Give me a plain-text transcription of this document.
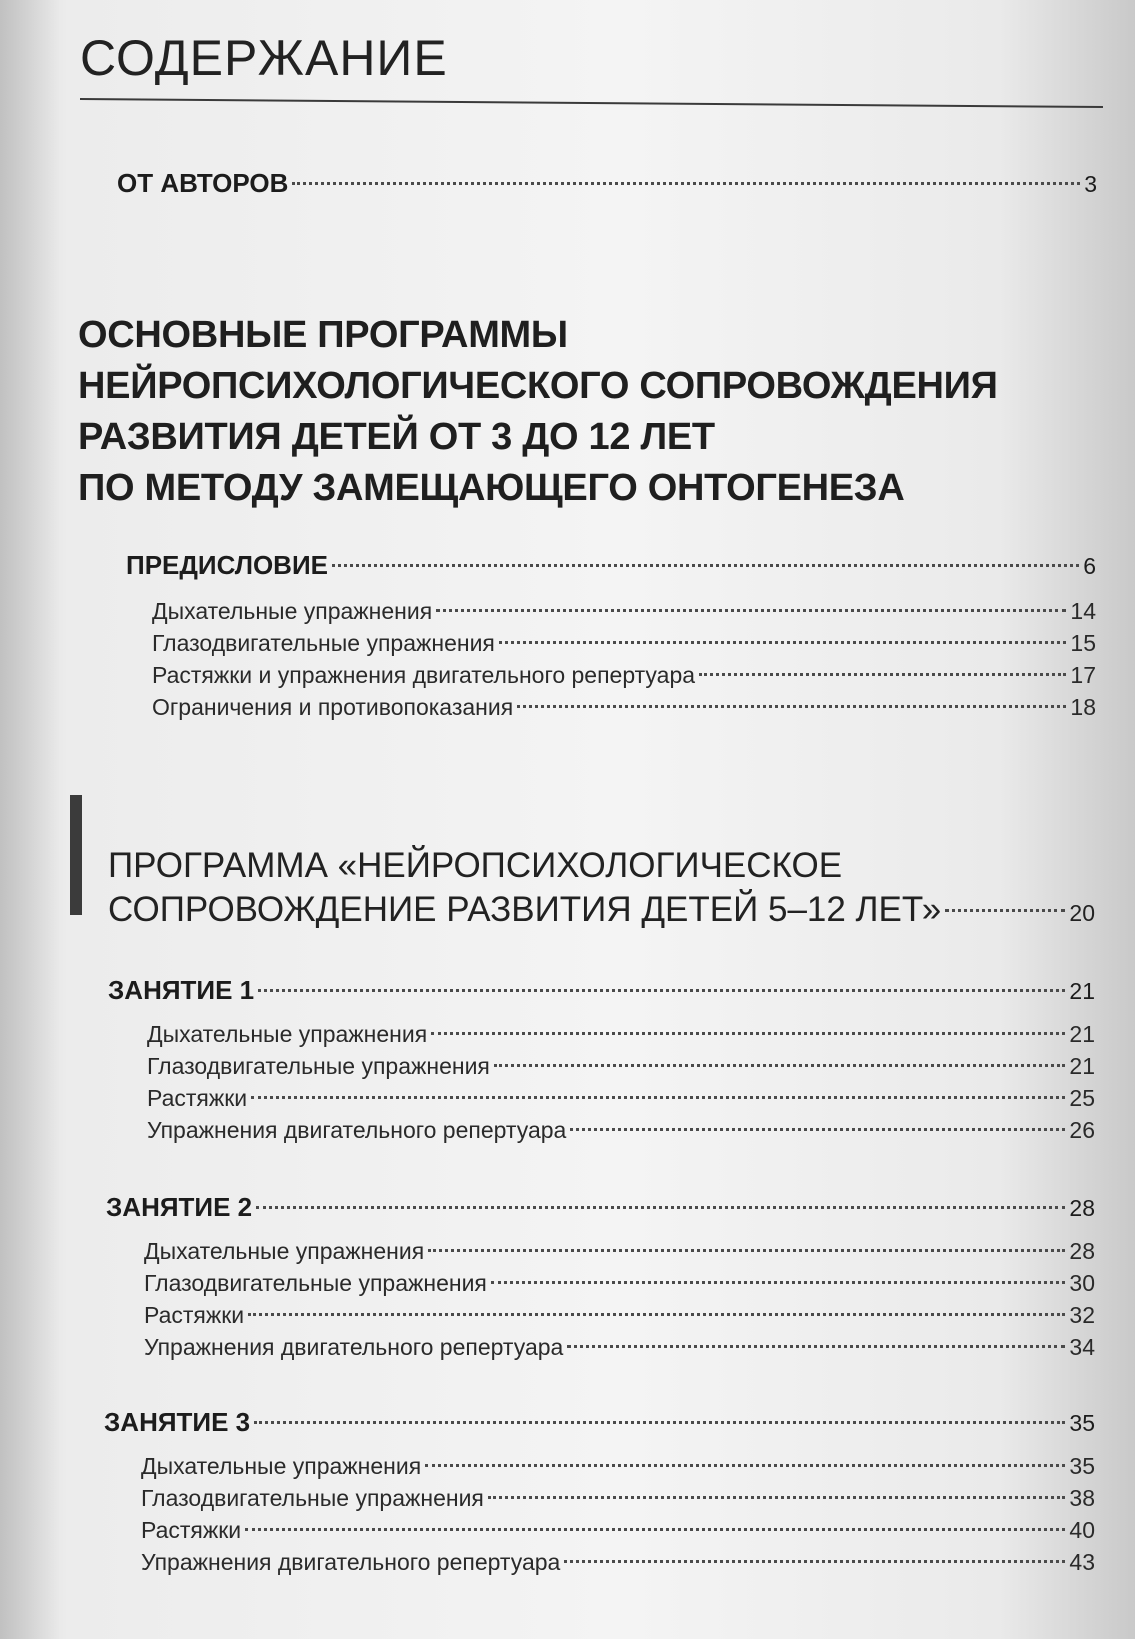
СОДЕРЖАНИЕ
ОТ АВТОРОВ	3
ОСНОВНЫЕ ПРОГРАММЫ
НЕЙРОПСИХОЛОГИЧЕСКОГО СОПРОВОЖДЕНИЯ
РАЗВИТИЯ ДЕТЕЙ ОТ 3 ДО 12 ЛЕТ
ПО МЕТОДУ ЗАМЕЩАЮЩЕГО ОНТОГЕНЕЗА
ПРЕДИСЛОВИЕ	6
Дыхательные упражнения	14
Глазодвигательные упражнения	15
Растяжки и упражнения двигательного репертуара	17
Ограничения и противопоказания	18
ПРОГРАММА «НЕЙРОПСИХОЛОГИЧЕСКОЕ
СОПРОВОЖДЕНИЕ РАЗВИТИЯ ДЕТЕЙ 5–12 ЛЕТ»	20
ЗАНЯТИЕ 1	21
Дыхательные упражнения	21
Глазодвигательные упражнения	21
Растяжки	25
Упражнения двигательного репертуара	26
ЗАНЯТИЕ 2	28
Дыхательные упражнения	28
Глазодвигательные упражнения	30
Растяжки	32
Упражнения двигательного репертуара	34
ЗАНЯТИЕ 3	35
Дыхательные упражнения	35
Глазодвигательные упражнения	38
Растяжки	40
Упражнения двигательного репертуара	43
